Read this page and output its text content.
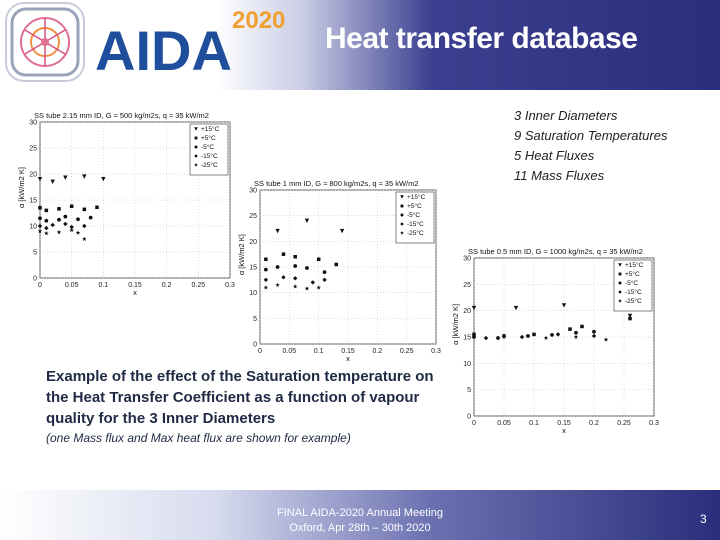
AIDA 2020
Heat transfer database
3 Inner Diameters
9 Saturation Temperatures
5 Heat Fluxes
11 Mass Fluxes
0	0.05	0.1	0.15	0.2	0.25	0.3
0
5
10
15
20
25
30
SS tube 2.15 mm ID, G ≈ 500 kg/m2s, q ≈ 35 kW/m2
x
α [kW/m2 K]
+15°C
+5°C
-5°C
-15°C
-25°C
0	0.05	0.1	0.15	0.2	0.25	0.3
0
5
10
15
20
25
30
SS tube 1 mm ID, G ≈ 800 kg/m2s, q ≈ 35 kW/m2
x
α [kW/m2 K]
+15°C
+5°C
-5°C
-15°C
-25°C
0	0.05	0.1	0.15	0.2	0.25	0.3
0
5
10
15
20
25
30
SS tube 0.5 mm ID, G ≈ 1000 kg/m2s, q ≈ 35 kW/m2
x
α [kW/m2 K]
+15°C
+5°C
-5°C
-15°C
-25°C
Example of the effect of the Saturation temperature on the Heat Transfer Coefficient as a function of vapour quality for the 3 Inner Diameters
(one Mass flux and Max heat flux are shown for example)
FINAL AIDA-2020 Annual Meeting
Oxford, Apr 28th – 30th 2020
3
